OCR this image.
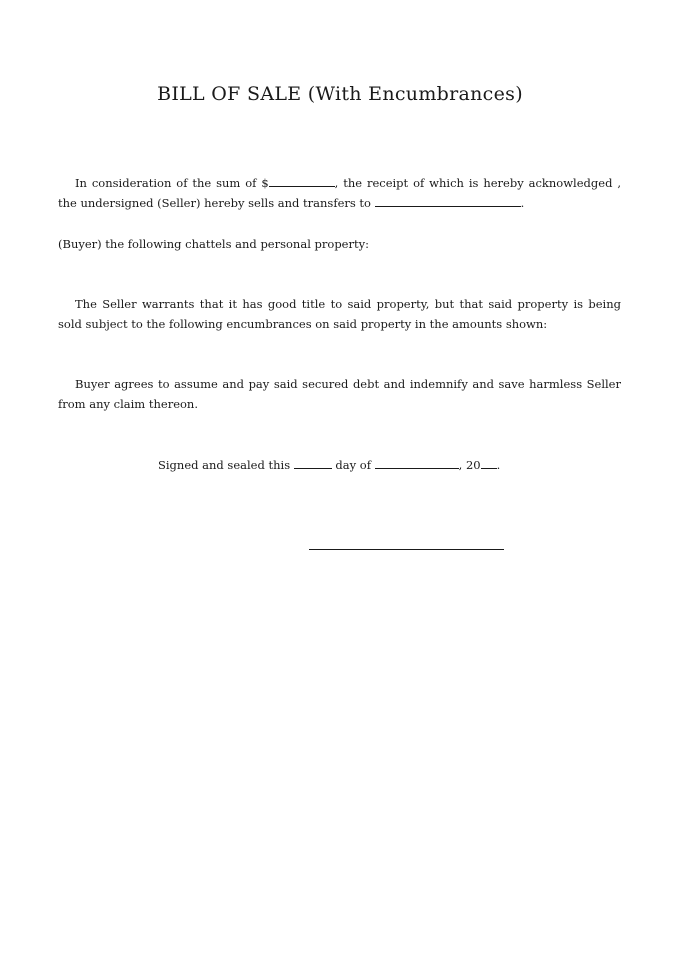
BILL OF SALE (With Encumbrances)

In consideration of the sum of $	, the receipt of which is hereby acknowledged , the undersigned (Seller) hereby sells and transfers to	.

(Buyer) the following chattels and personal property:

The Seller warrants that it has good title to said property, but that said property is being sold subject to the following encumbrances on said property in the amounts shown:

Buyer agrees to assume and pay said secured debt and indemnify and save harmless Seller from any claim thereon.

Signed and sealed this	day of	, 20 .
